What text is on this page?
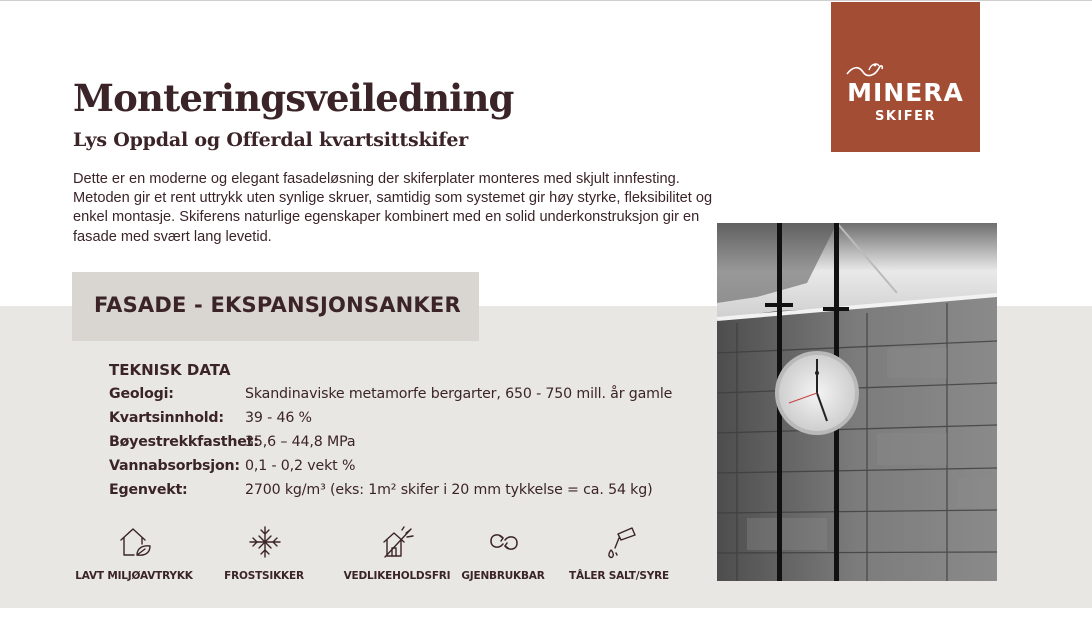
Monteringsveiledning
Lys Oppdal og Offerdal kvartsittskifer

Dette er en moderne og elegant fasadeløsning der skiferplater monteres med skjult innfesting. Metoden gir et rent uttrykk uten synlige skruer, samtidig som systemet gir høy styrke, fleksibilitet og enkel montasje. Skiferens naturlige egenskaper kombinert med en solid underkonstruksjon gir en fasade med svært lang levetid.

MINERA
SKIFER
FASADE - EKSPANSJONSANKER
TEKNISK DATA
Geologi:	Skandinaviske metamorfe bergarter, 650 - 750 mill. år gamle
Kvartsinnhold: 39 - 46 %
Bøyestrekkfasthet:
35,6 – 44,8 MPa
Vannabsorbsjon: 0,1 - 0,2 vekt %
Egenvekt:	2700 kg/m³ (eks: 1m² skifer i 20 mm tykkelse = ca. 54 kg)
LAVT MILJØAVTRYKK	FROSTSIKKER	VEDLIKEHOLDSFRI	GJENBRUKBAR	TÅLER SALT/SYRE
